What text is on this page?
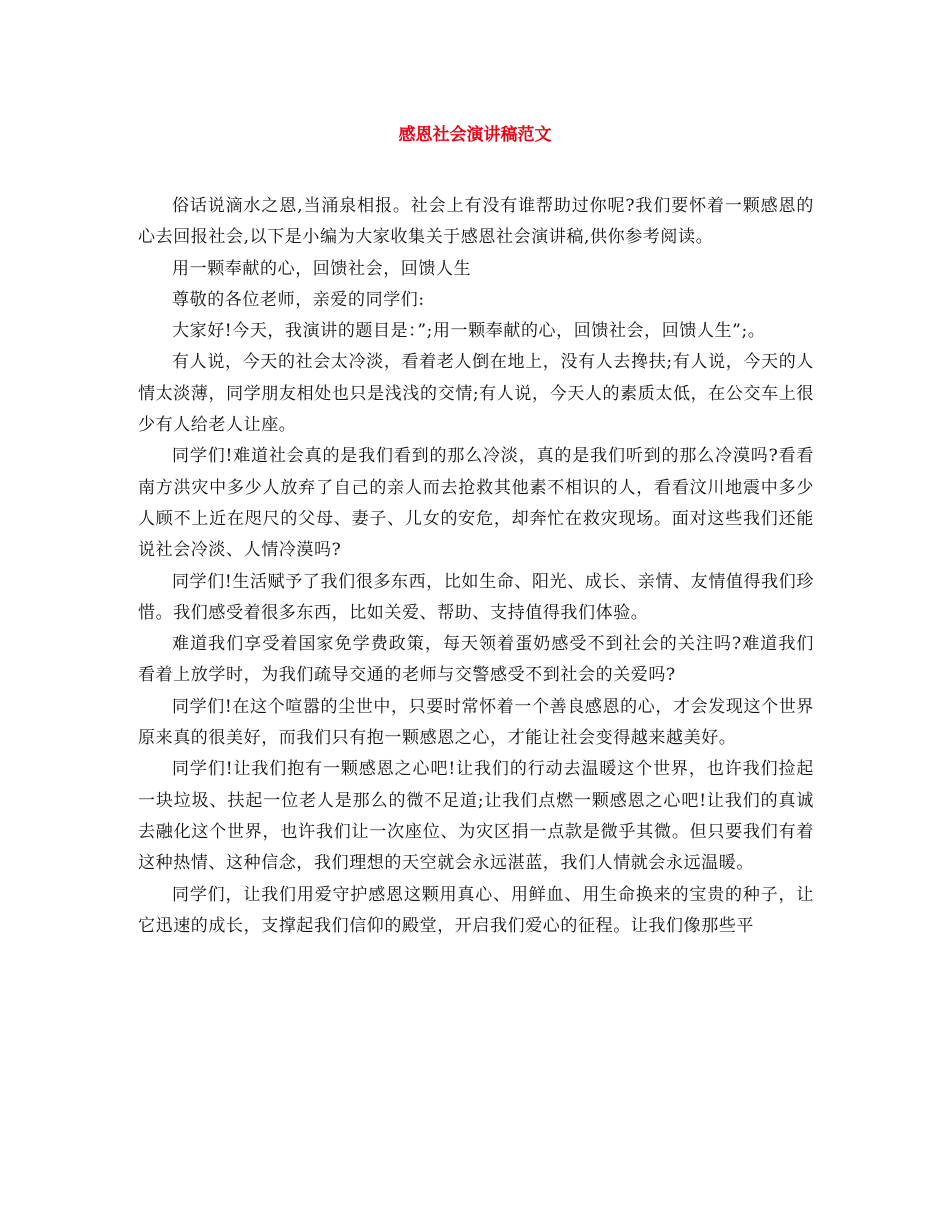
感恩社会演讲稿范文

俗话说滴水之恩,当涌泉相报。社会上有没有谁帮助过你呢?我们要怀着一颗感恩的心去回报社会,以下是小编为大家收集关于感恩社会演讲稿,供你参考阅读。

用一颗奉献的心，回馈社会，回馈人生

尊敬的各位老师，亲爱的同学们:

大家好!今天，我演讲的题目是：”;用一颗奉献的心，回馈社会，回馈人生”;。

有人说，今天的社会太冷淡，看着老人倒在地上，没有人去搀扶;有人说，今天的人情太淡薄，同学朋友相处也只是浅浅的交情;有人说，今天人的素质太低，在公交车上很少有人给老人让座。

同学们!难道社会真的是我们看到的那么冷淡，真的是我们听到的那么冷漠吗?看看南方洪灾中多少人放弃了自己的亲人而去抢救其他素不相识的人，看看汶川地震中多少人顾不上近在咫尺的父母、妻子、儿女的安危，却奔忙在救灾现场。面对这些我们还能说社会冷淡、人情冷漠吗?

同学们!生活赋予了我们很多东西，比如生命、阳光、成长、亲情、友情值得我们珍惜。我们感受着很多东西，比如关爱、帮助、支持值得我们体验。

难道我们享受着国家免学费政策，每天领着蛋奶感受不到社会的关注吗?难道我们看着上放学时，为我们疏导交通的老师与交警感受不到社会的关爱吗?

同学们!在这个喧嚣的尘世中，只要时常怀着一个善良感恩的心，才会发现这个世界原来真的很美好，而我们只有抱一颗感恩之心，才能让社会变得越来越美好。

同学们!让我们抱有一颗感恩之心吧!让我们的行动去温暖这个世界，也许我们捡起一块垃圾、扶起一位老人是那么的微不足道;让我们点燃一颗感恩之心吧!让我们的真诚去融化这个世界，也许我们让一次座位、为灾区捐一点款是微乎其微。但只要我们有着这种热情、这种信念，我们理想的天空就会永远湛蓝，我们人情就会永远温暖。

同学们，让我们用爱守护感恩这颗用真心、用鲜血、用生命换来的宝贵的种子，让它迅速的成长，支撑起我们信仰的殿堂，开启我们爱心的征程。让我们像那些平
